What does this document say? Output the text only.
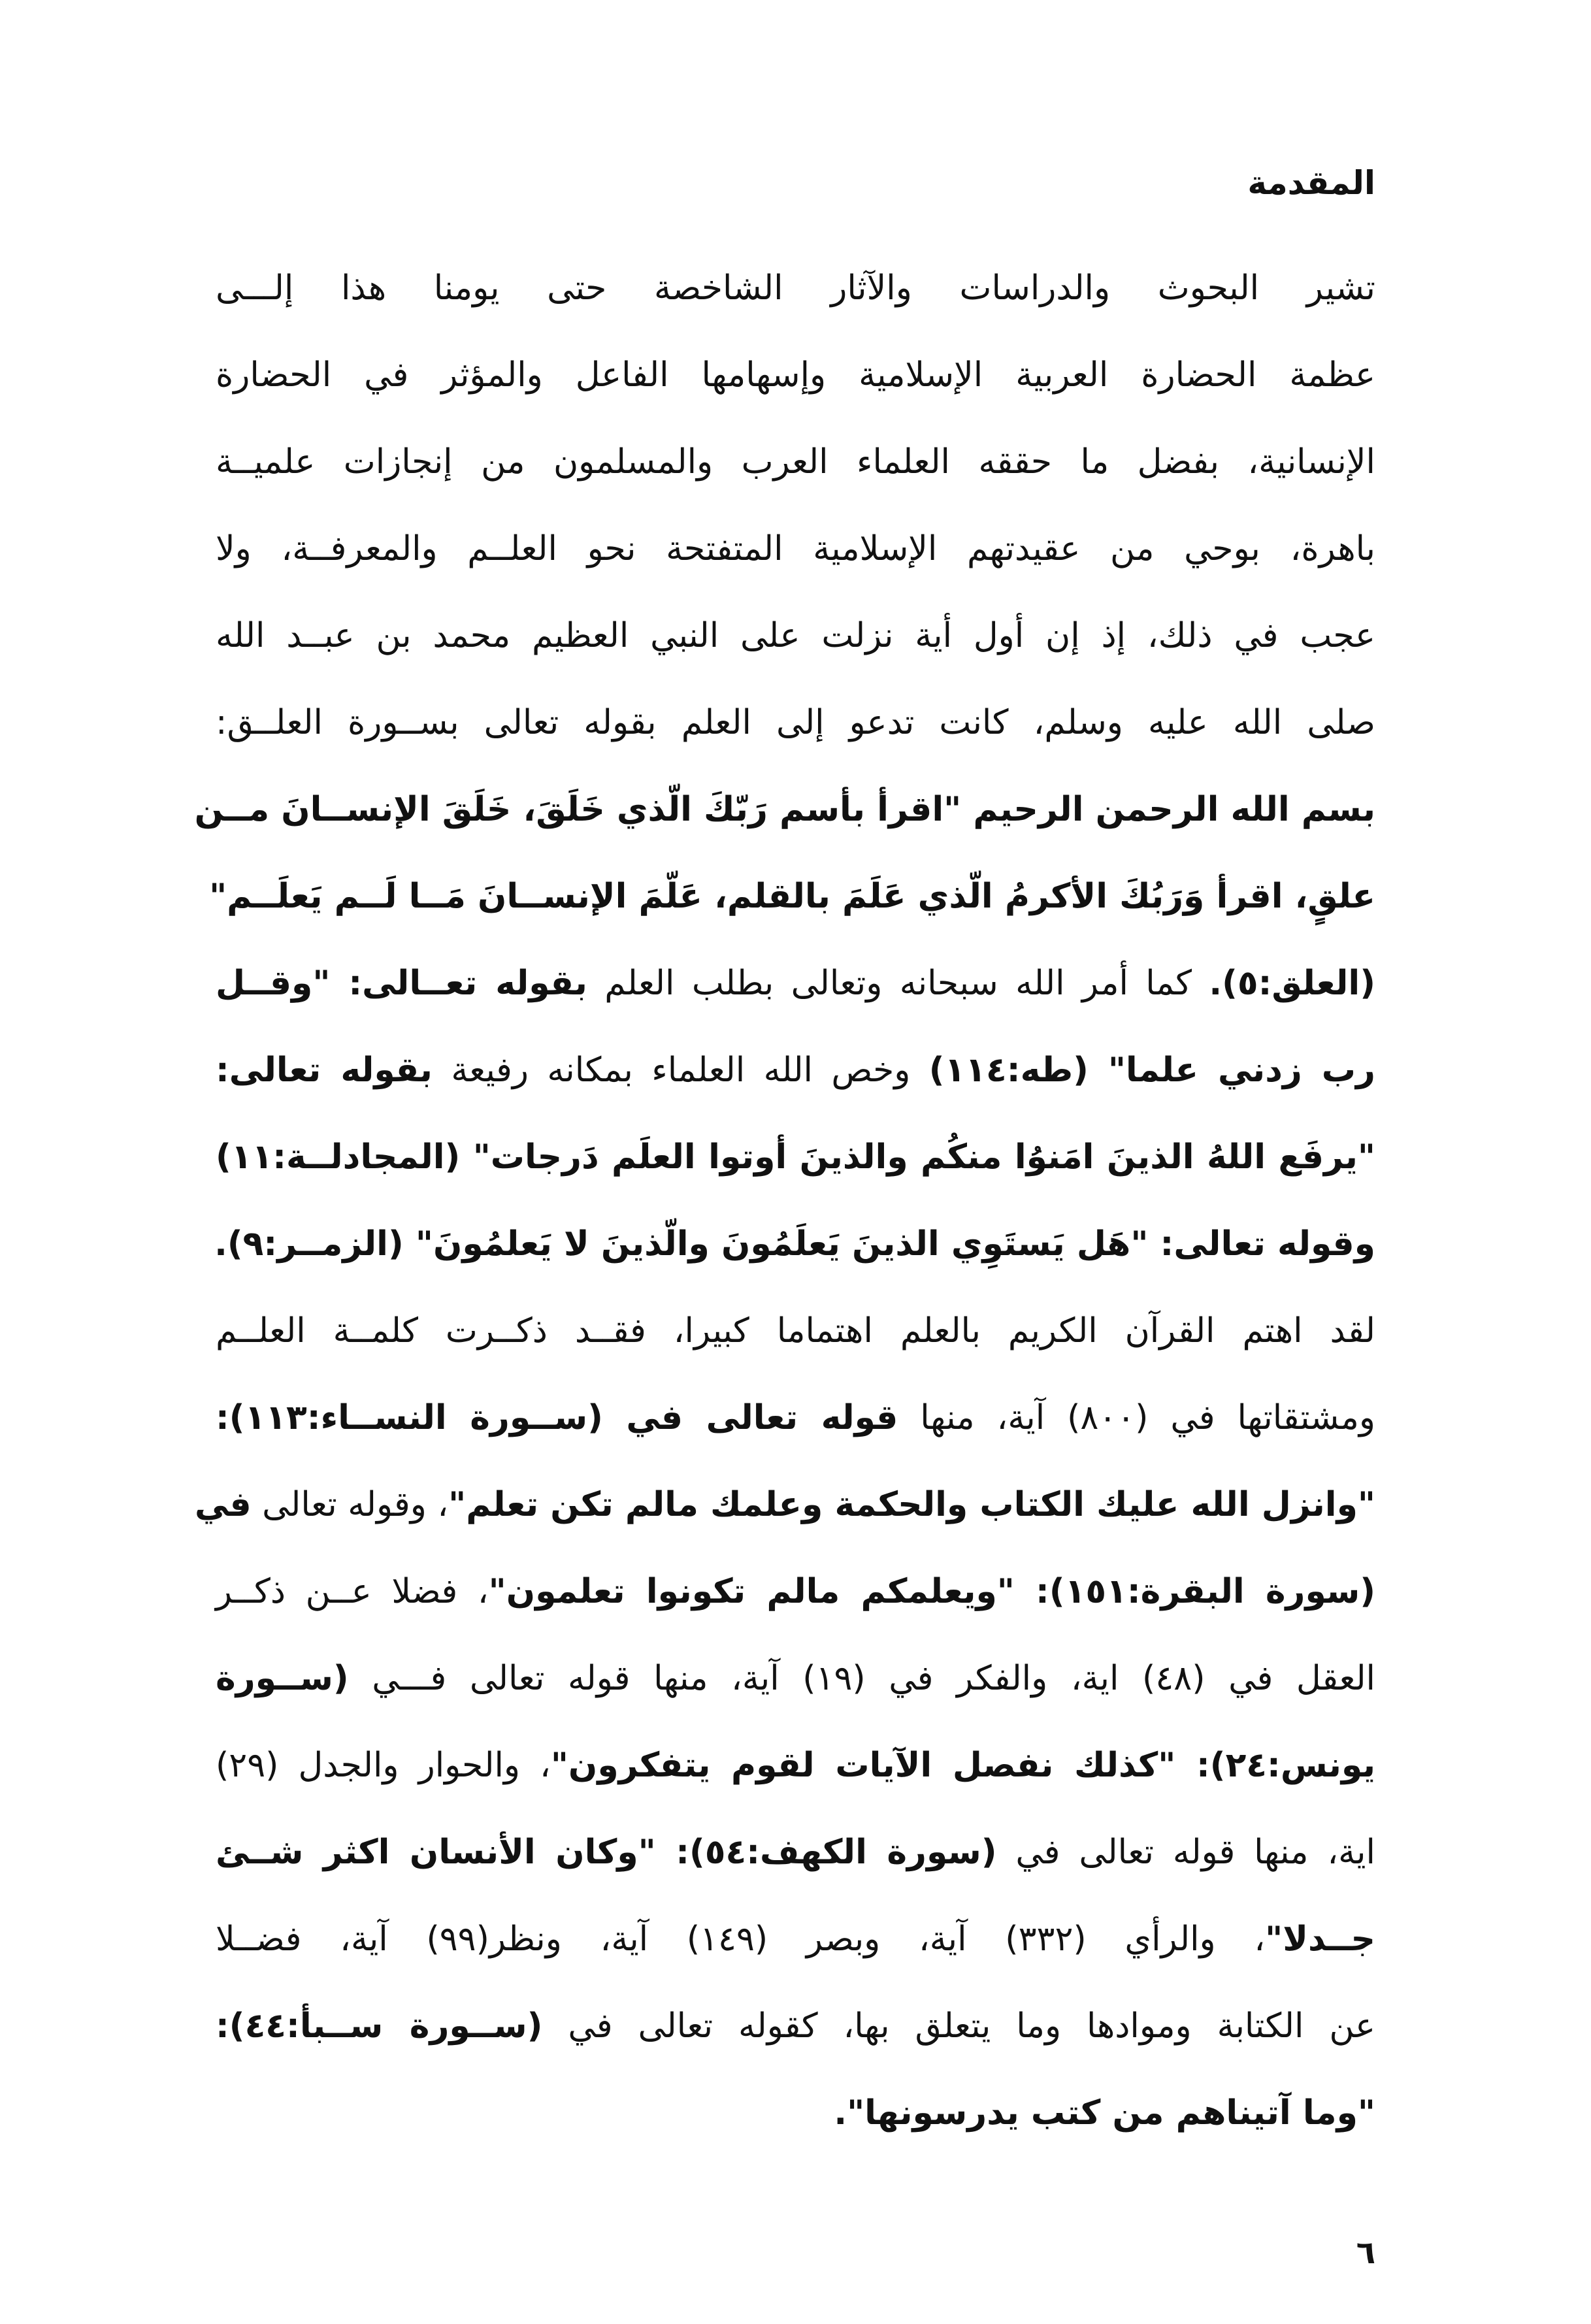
المقدمة
تشير البحوث والدراسات والآثار الشاخصة حتى يومنا هذا إلـــى
عظمة الحضارة العربية الإسلامية وإسهامها الفاعل والمؤثر في الحضارة
الإنسانية، بفضل ما حققه العلماء العرب والمسلمون من إنجازات علميــة
باهرة، بوحي من عقيدتهم الإسلامية المتفتحة نحو العلــم والمعرفــة، ولا
عجب في ذلك، إذ إن أول أية نزلت على النبي العظيم محمد بن عبــد الله
صلى الله عليه وسلم، كانت تدعو إلى العلم بقوله تعالى بســورة العلــق:
بسم الله الرحمن الرحيم "اقرأ بأسم رَبّكَ الّذي خَلَقَ، خَلَقَ الإنســانَ مــن
علقٍ، اقرأ وَرَبُكَ الأكرمُ الّذي عَلَمَ بالقلم، عَلّمَ الإنســانَ مَــا لَــم يَعلَــم"
(العلق:٥). كما أمر الله سبحانه وتعالى بطلب العلم بقوله تعــالى: "وقــل
رب زدني علما" (طه:١١٤) وخص الله العلماء بمكانه رفيعة بقوله تعالى:
"يرفَع اللهُ الذينَ امَنوُا منكُم والذينَ أوتوا العلَم دَرجات" (المجادلــة:١١)
وقوله تعالى: "هَل يَستَوِي الذينَ يَعلَمُونَ والّذينَ لا يَعلمُونَ" (الزمــر:٩).
لقد اهتم القرآن الكريم بالعلم اهتماما كبيرا، فقــد ذكــرت كلمــة العلــم
ومشتقاتها في (٨٠٠) آية، منها قوله تعالى في (ســورة النســاء:١١٣):
"وانزل الله عليك الكتاب والحكمة وعلمك مالم تكن تعلم"، وقوله تعالى في
(سورة البقرة:١٥١): "ويعلمكم مالم تكونوا تعلمون"، فضلا عــن ذكــر
العقل في (٤٨) اية، والفكر في (١٩) آية، منها قوله تعالى فـــي (ســورة
يونس:٢٤): "كذلك نفصل الآيات لقوم يتفكرون"، والحوار والجدل (٢٩)
اية، منها قوله تعالى في (سورة الكهف:٥٤): "وكان الأنسان اكثر شــئ
جــدلا"، والرأي (٣٣٢) آية، وبصر (١٤٩) آية، ونظر(٩٩) آية، فضــلا
عن الكتابة وموادها وما يتعلق بها، كقوله تعالى في (ســورة ســبأ:٤٤):
"وما آتيناهم من كتب يدرسونها".
٦
